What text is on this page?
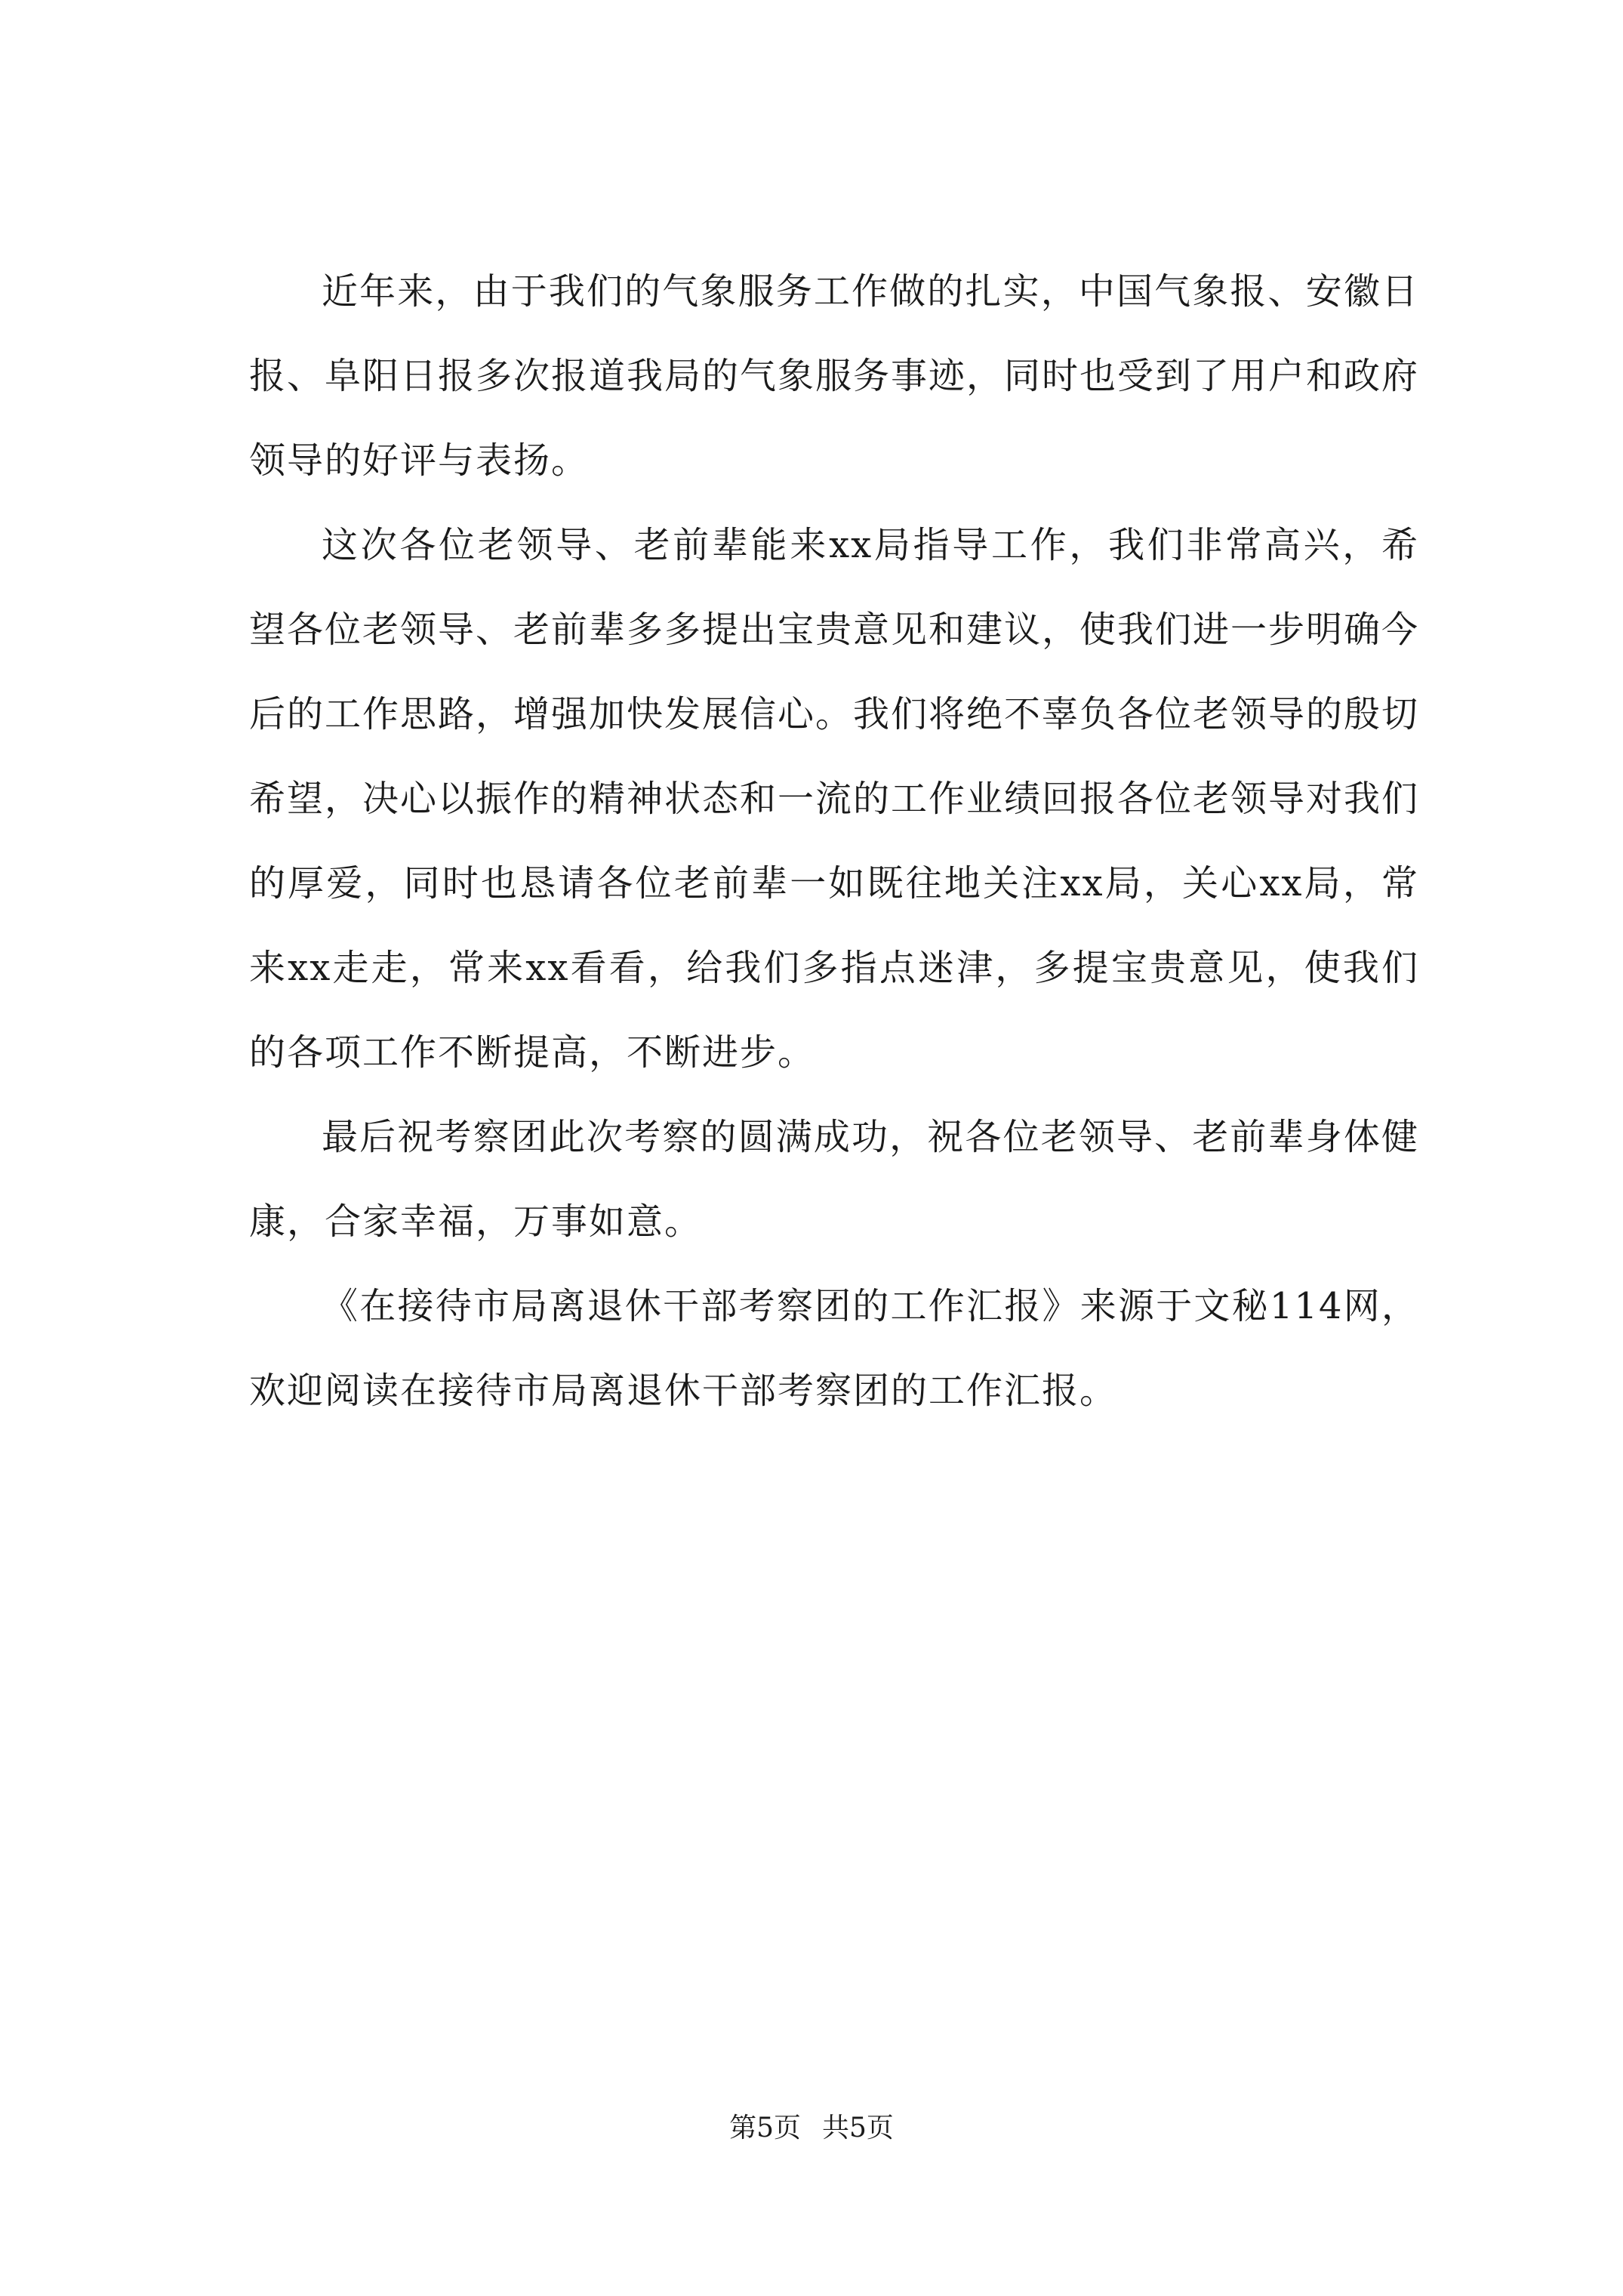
近年来，由于我们的气象服务工作做的扎实，中国气象报、安徽日报、阜阳日报多次报道我局的气象服务事迹，同时也受到了用户和政府领导的好评与表扬。

这次各位老领导、老前辈能来xx局指导工作，我们非常高兴，希望各位老领导、老前辈多多提出宝贵意见和建议，使我们进一步明确今后的工作思路，增强加快发展信心。我们将绝不辜负各位老领导的殷切希望，决心以振作的精神状态和一流的工作业绩回报各位老领导对我们的厚爱，同时也恳请各位老前辈一如既往地关注xx局，关心xx局，常来xx走走，常来xx看看，给我们多指点迷津，多提宝贵意见，使我们的各项工作不断提高，不断进步。

最后祝考察团此次考察的圆满成功，祝各位老领导、老前辈身体健康，合家幸福，万事如意。

《在接待市局离退休干部考察团的工作汇报》来源于文秘114网，欢迎阅读在接待市局离退休干部考察团的工作汇报。

第5页 共5页
